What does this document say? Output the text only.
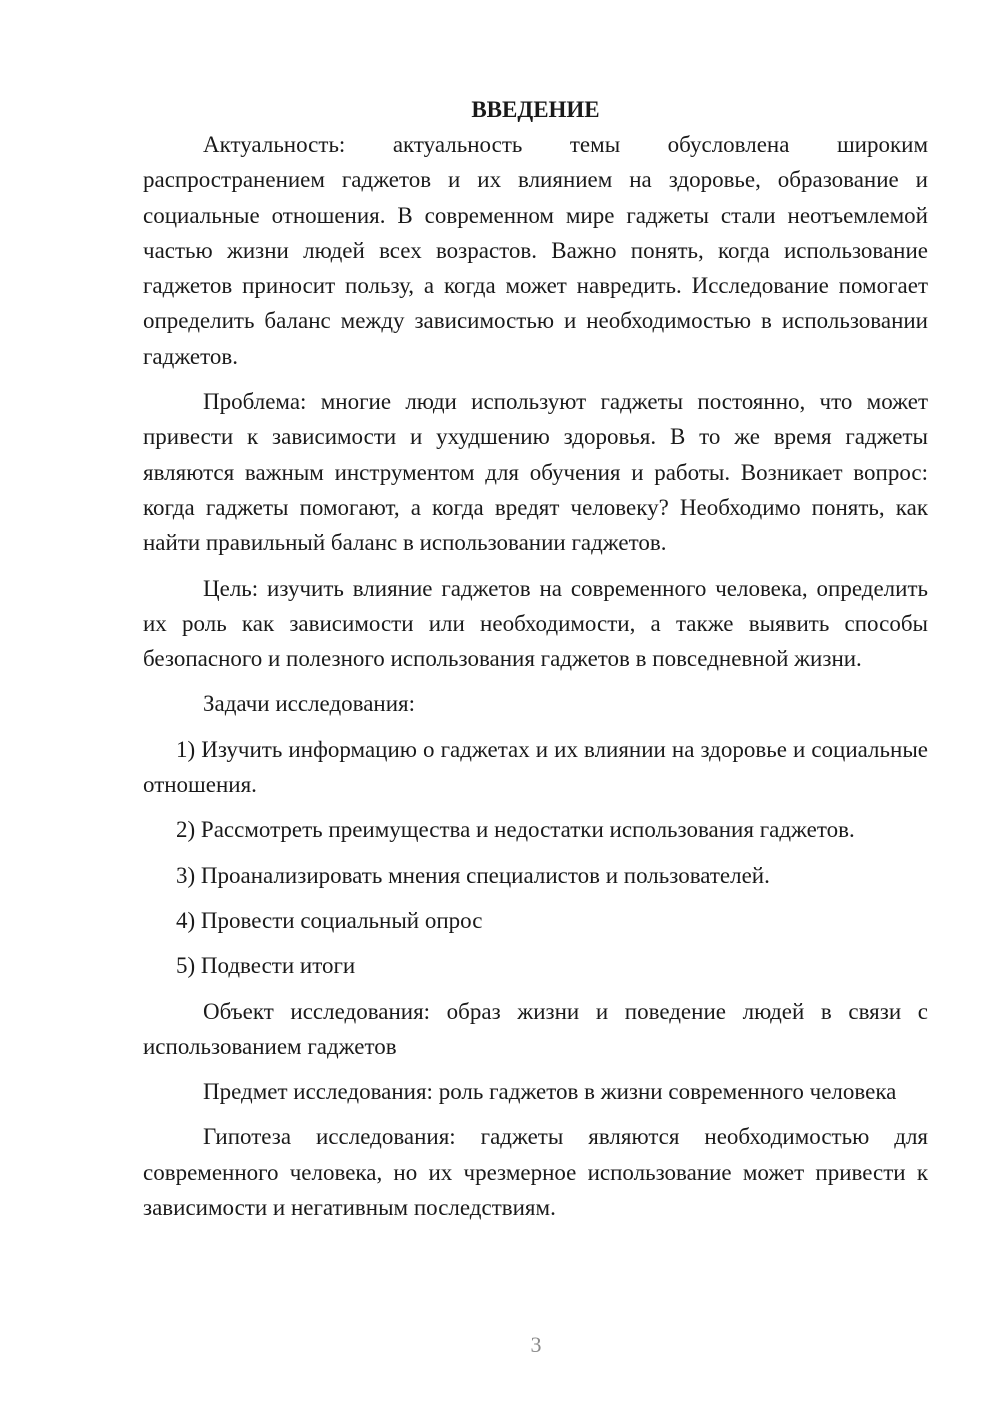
ВВЕДЕНИЕ

Актуальность: актуальность темы обусловлена широким распространением гаджетов и их влиянием на здоровье, образование и социальные отношения. В современном мире гаджеты стали неотъемлемой частью жизни людей всех возрастов. Важно понять, когда использование гаджетов приносит пользу, а когда может навредить. Исследование помогает определить баланс между зависимостью и необходимостью в использовании гаджетов.

Проблема: многие люди используют гаджеты постоянно, что может привести к зависимости и ухудшению здоровья. В то же время гаджеты являются важным инструментом для обучения и работы. Возникает вопрос: когда гаджеты помогают, а когда вредят человеку? Необходимо понять, как найти правильный баланс в использовании гаджетов.

Цель: изучить влияние гаджетов на современного человека, определить их роль как зависимости или необходимости, а также выявить способы безопасного и полезного использования гаджетов в повседневной жизни.

Задачи исследования:

1) Изучить информацию о гаджетах и их влиянии на здоровье и социальные отношения.

2) Рассмотреть преимущества и недостатки использования гаджетов.

3) Проанализировать мнения специалистов и пользователей.

4) Провести социальный опрос

5) Подвести итоги

Объект исследования: образ жизни и поведение людей в связи с использованием гаджетов

Предмет исследования: роль гаджетов в жизни современного человека

Гипотеза исследования: гаджеты являются необходимостью для современного человека, но их чрезмерное использование может привести к зависимости и негативным последствиям.

3
